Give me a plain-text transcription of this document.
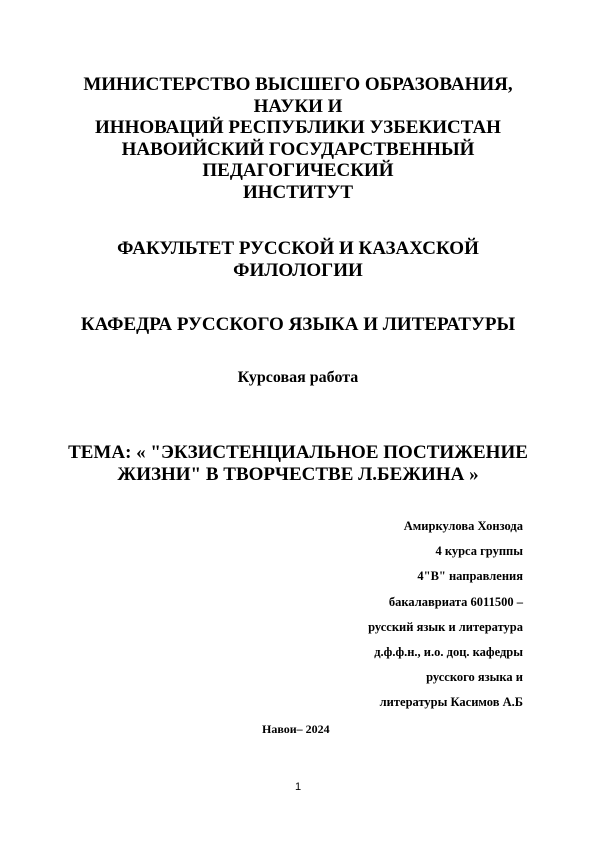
МИНИСТЕРСТВО ВЫСШЕГО ОБРАЗОВАНИЯ,
НАУКИ И
ИННОВАЦИЙ РЕСПУБЛИКИ УЗБЕКИСТАН
НАВОИЙСКИЙ ГОСУДАРСТВЕННЫЙ
ПЕДАГОГИЧЕСКИЙ
ИНСТИТУТ
ФАКУЛЬТЕТ РУССКОЙ И КАЗАХСКОЙ
ФИЛОЛОГИИ
КАФЕДРА РУССКОГО ЯЗЫКА И ЛИТЕРАТУРЫ
Курсовая работа
ТЕМА: « "ЭКЗИСТЕНЦИАЛЬНОЕ ПОСТИЖЕНИЕ
ЖИЗНИ" В ТВОРЧЕСТВЕ Л.БЕЖИНА »
Амиркулова Хонзода
4 курса группы
4"В" направления
бакалавриата 6011500 –
русский язык и литература
д.ф.ф.н., и.о. доц. кафедры
русского языка и
литературы Касимов А.Б
Навои– 2024
1
